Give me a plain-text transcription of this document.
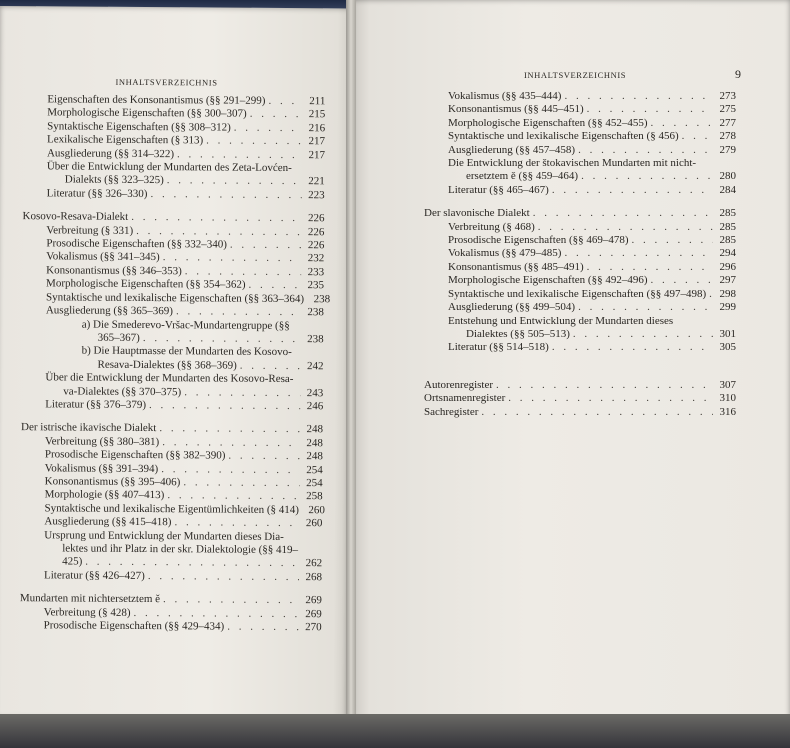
INHALTSVERZEICHNIS
Eigenschaften des Konsonantismus (§§ 291–299) . . .	211
Morphologische Eigenschaften (§§ 300–307) . . .	215
Syntaktische Eigenschaften (§§ 308–312) . . .	216
Lexikalische Eigenschaften (§ 313) . . .	217
Ausgliederung (§§ 314–322) . . .	217
Über die Entwicklung der Mundarten des Zeta-Lovćen-
Dialekts (§§ 323–325) . . .	221
Literatur (§§ 326–330) . . .	223
Kosovo-Resava-Dialekt . . .	226
Verbreitung (§ 331) . . .	226
Prosodische Eigenschaften (§§ 332–340) . . .	226
Vokalismus (§§ 341–345) . . .	232
Konsonantismus (§§ 346–353) . . .	233
Morphologische Eigenschaften (§§ 354–362) . . .	235
Syntaktische und lexikalische Eigenschaften (§§ 363–364) . . . 238
Ausgliederung (§§ 365–369) . . .	238
a) Die Smederevo-Vršac-Mundartengruppe (§§
365–367) . . .	238
b) Die Hauptmasse der Mundarten des Kosovo-
Resava-Dialektes (§§ 368–369) . . .	242
Über die Entwicklung der Mundarten des Kosovo-Resa-
va-Dialektes (§§ 370–375) . . .	243
Literatur (§§ 376–379) . . .	246
Der istrische ikavische Dialekt . . .	248
Verbreitung (§§ 380–381) . . .	248
Prosodische Eigenschaften (§§ 382–390) . . .	248
Vokalismus (§§ 391–394) . . .	254
Konsonantismus (§§ 395–406) . . .	254
Morphologie (§§ 407–413) . . .	258
Syntaktische und lexikalische Eigentümlichkeiten (§ 414) . . . 260
Ausgliederung (§§ 415–418) . . .	260
Ursprung und Entwicklung der Mundarten dieses Dia-
lektes und ihr Platz in der skr. Dialektologie (§§ 419–
425) . . .	262
Literatur (§§ 426–427) . . .	268
Mundarten mit nichtersetztem ě . . .	269
Verbreitung (§ 428) . . .	269
Prosodische Eigenschaften (§§ 429–434) . . .	270
INHALTSVERZEICHNIS	9
Vokalismus (§§ 435–444) . . .	273
Konsonantismus (§§ 445–451) . . .	275
Morphologische Eigenschaften (§§ 452–455) . . .	277
Syntaktische und lexikalische Eigenschaften (§ 456) . . .	278
Ausgliederung (§§ 457–458) . . .	279
Die Entwicklung der štokavischen Mundarten mit nicht-
ersetztem ě (§§ 459–464) . . .	280
Literatur (§§ 465–467) . . .	284
Der slavonische Dialekt . . .	285
Verbreitung (§ 468) . . .	285
Prosodische Eigenschaften (§§ 469–478) . . .	285
Vokalismus (§§ 479–485) . . .	294
Konsonantismus (§§ 485–491) . . .	296
Morphologische Eigenschaften (§§ 492–496) . . .	297
Syntaktische und lexikalische Eigenschaften (§§ 497–498) . . .	298
Ausgliederung (§§ 499–504) . . .	299
Entstehung und Entwicklung der Mundarten dieses
Dialektes (§§ 505–513) . . .	301
Literatur (§§ 514–518) . . .	305
Autorenregister . . .	307
Ortsnamenregister . . .	310
Sachregister . . .	316
